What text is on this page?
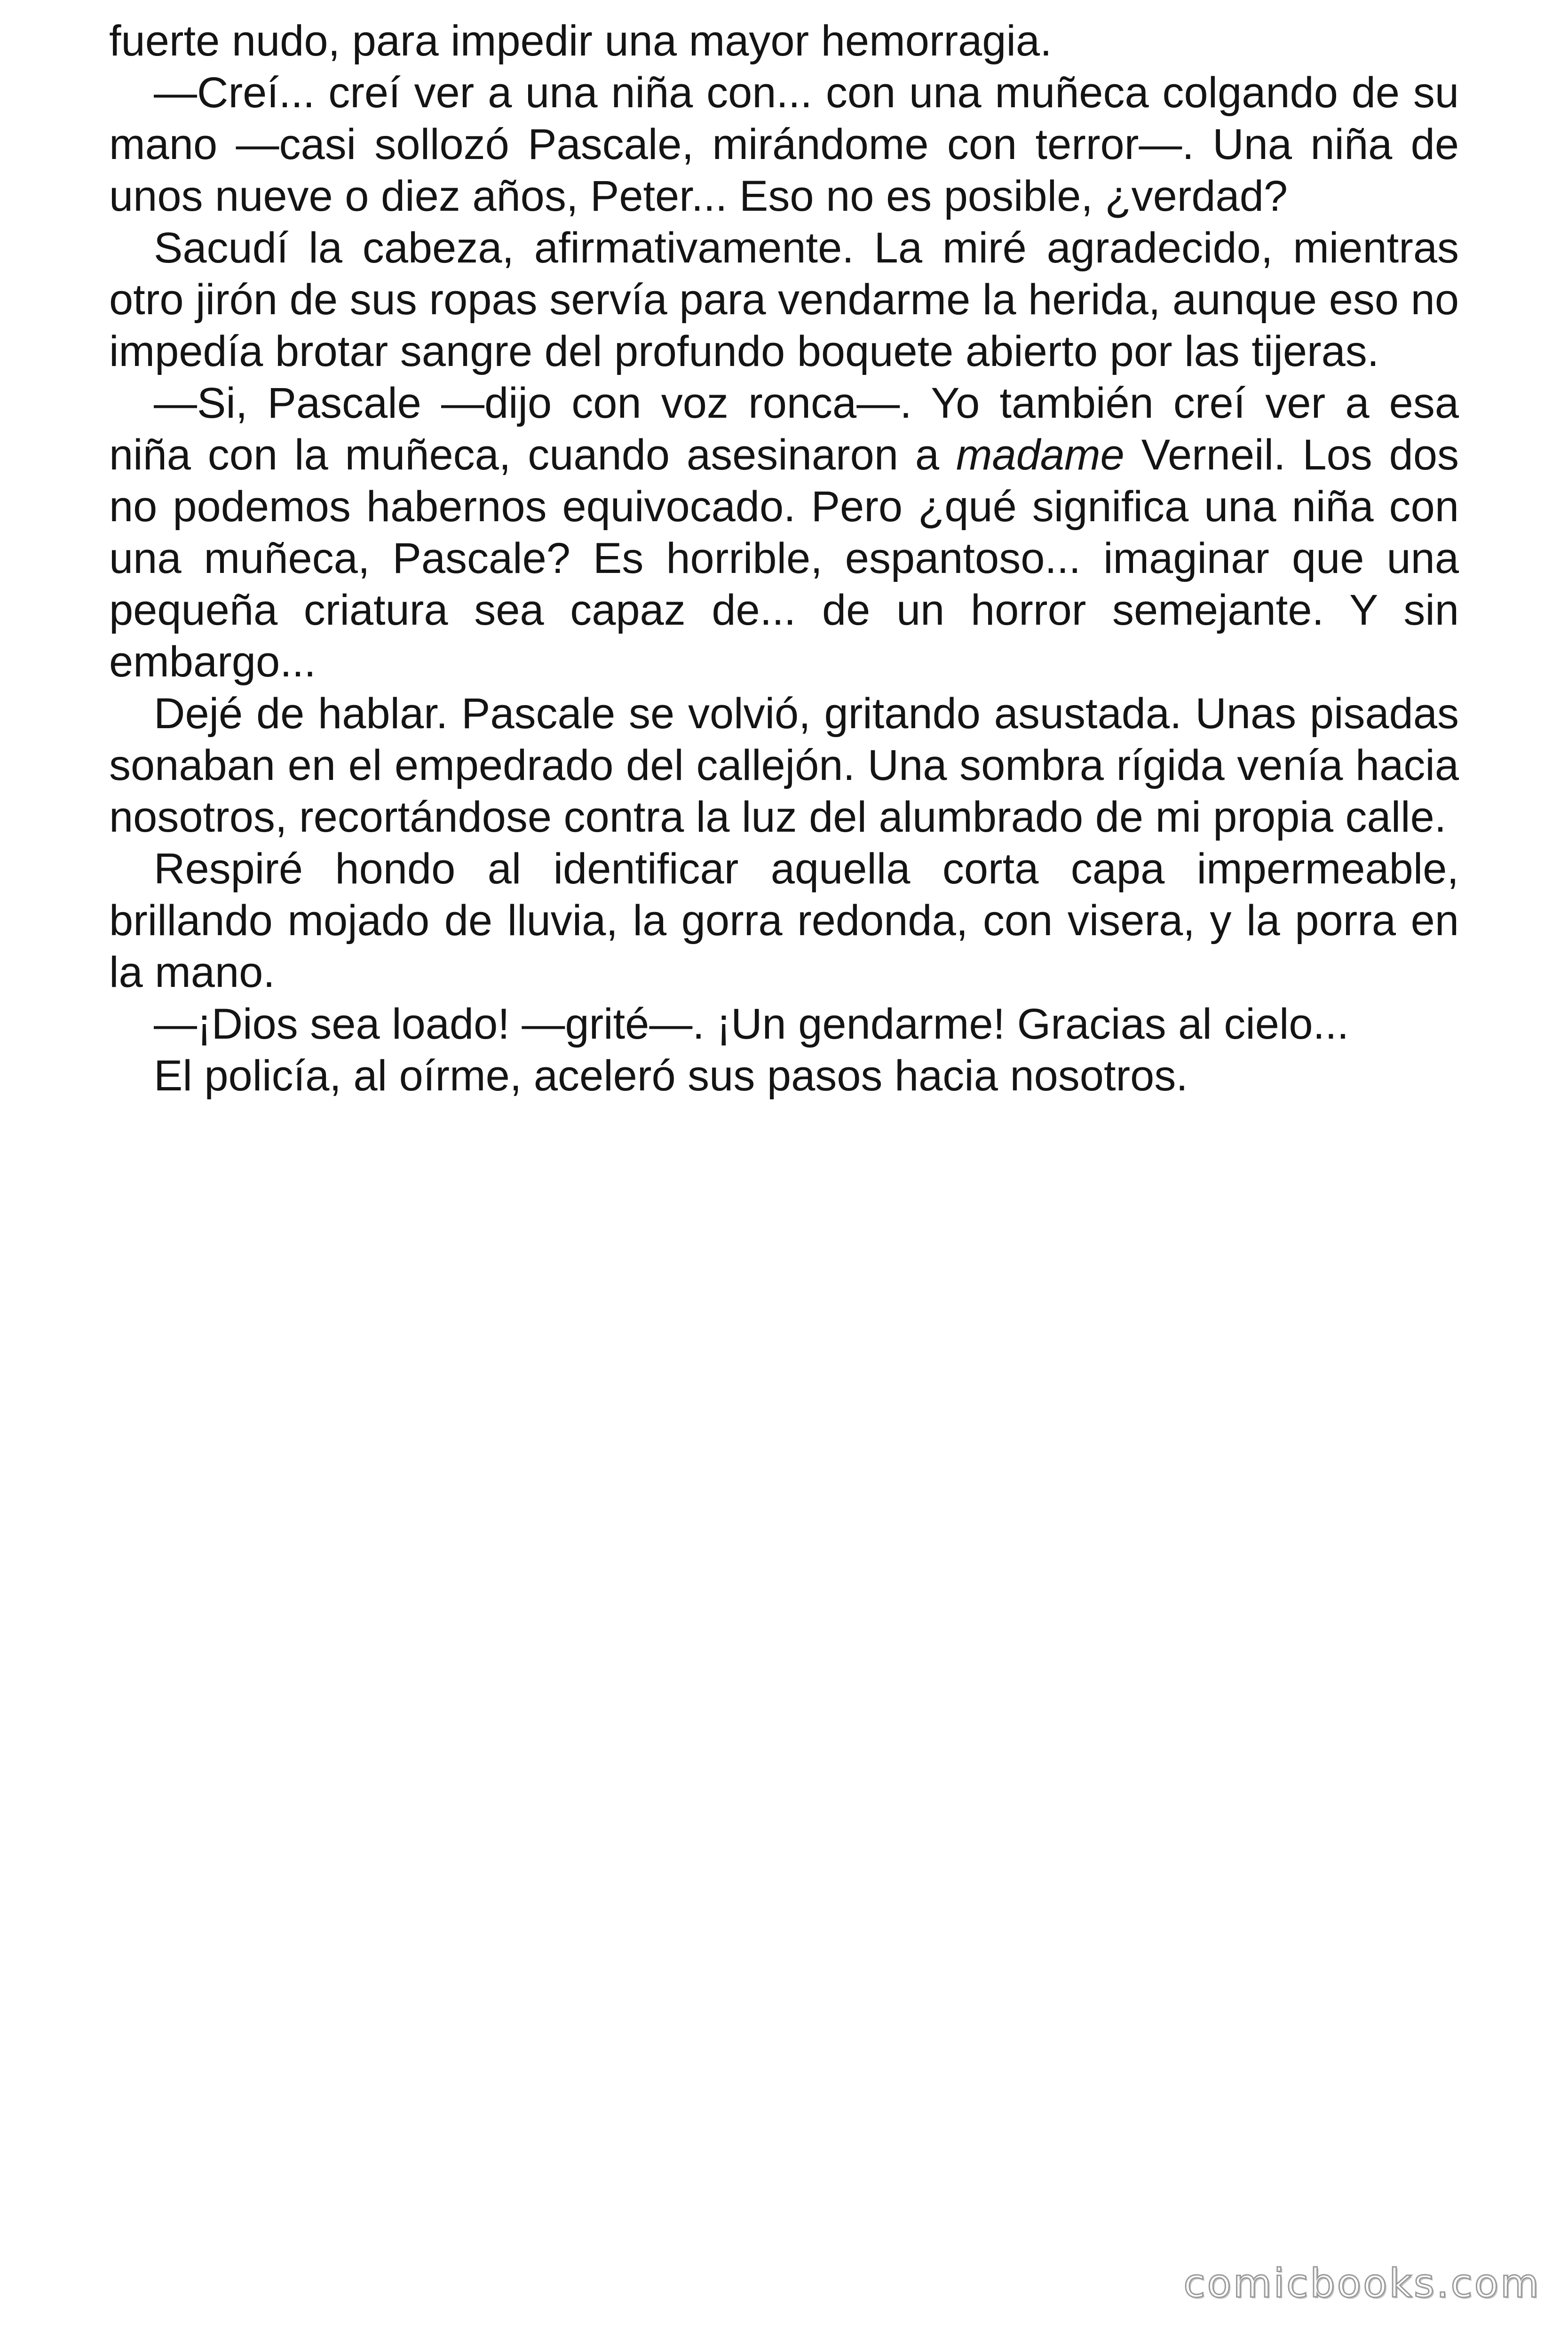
fuerte nudo, para impedir una mayor hemorragia.

—Creí... creí ver a una niña con... con una muñeca colgando de su mano —casi sollozó Pascale, mirándome con terror—. Una niña de unos nueve o diez años, Peter... Eso no es posible, ¿verdad?

Sacudí la cabeza, afirmativamente. La miré agradecido, mientras otro jirón de sus ropas servía para vendarme la herida, aunque eso no impedía brotar sangre del profundo boquete abierto por las tijeras.

—Si, Pascale —dijo con voz ronca—. Yo también creí ver a esa niña con la muñeca, cuando asesinaron a madame Verneil. Los dos no podemos habernos equivocado. Pero ¿qué significa una niña con una muñeca, Pascale? Es horrible, espantoso... imaginar que una pequeña criatura sea capaz de... de un horror semejante. Y sin embargo...

Dejé de hablar. Pascale se volvió, gritando asustada. Unas pisadas sonaban en el empedrado del callejón. Una sombra rígida venía hacia nosotros, recortándose contra la luz del alumbrado de mi propia calle.

Respiré hondo al identificar aquella corta capa impermeable, brillando mojado de lluvia, la gorra redonda, con visera, y la porra en la mano.

—¡Dios sea loado! —grité—. ¡Un gendarme! Gracias al cielo...

El policía, al oírme, aceleró sus pasos hacia nosotros.

comicbooks.com
